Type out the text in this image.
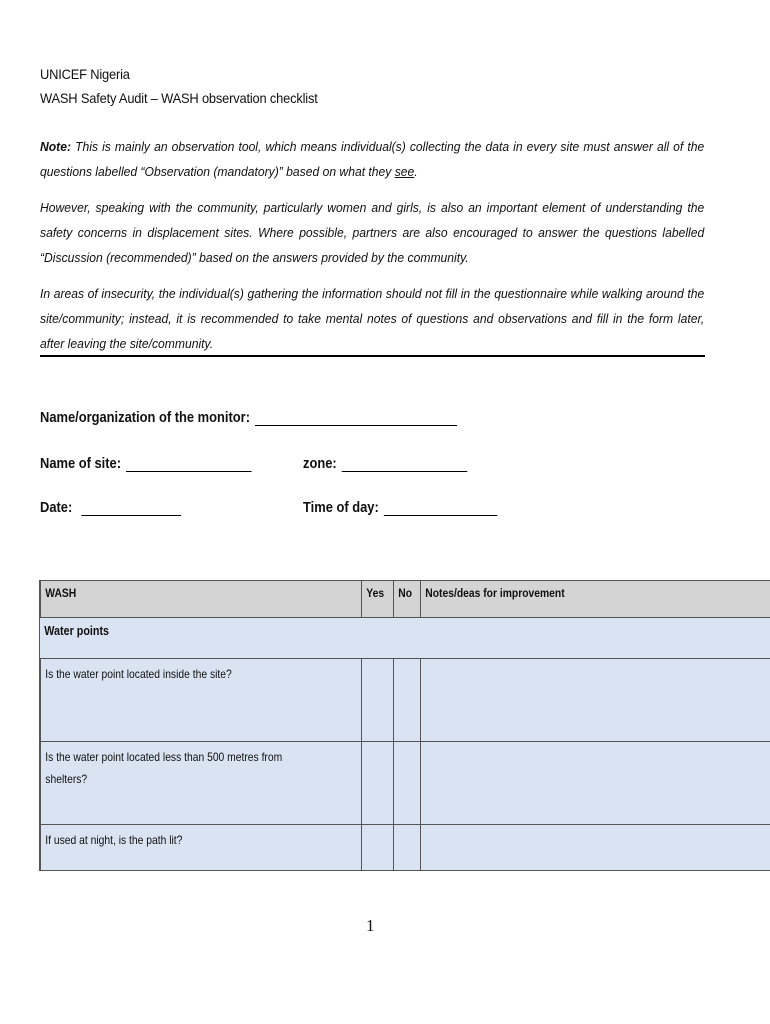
UNICEF Nigeria
WASH Safety Audit – WASH observation checklist
Note: This is mainly an observation tool, which means individual(s) collecting the data in every site must answer all of the questions labelled “Observation (mandatory)” based on what they see.
However, speaking with the community, particularly women and girls, is also an important element of understanding the safety concerns in displacement sites. Where possible, partners are also encouraged to answer the questions labelled “Discussion (recommended)” based on the answers provided by the community.
In areas of insecurity, the individual(s) gathering the information should not fill in the questionnaire while walking around the site/community; instead, it is recommended to take mental notes of questions and observations and fill in the form later, after leaving the site/community.
Name/organization of the monitor:
Name of site:	zone:
Date:	Time of day:

	WASH	Yes	No	Notes/deas for improvement

Water points			

	Is the water point located inside the site?			

	Is the water point located less than 500 metres from shelters?			

	If used at night, is the path lit?			

1
